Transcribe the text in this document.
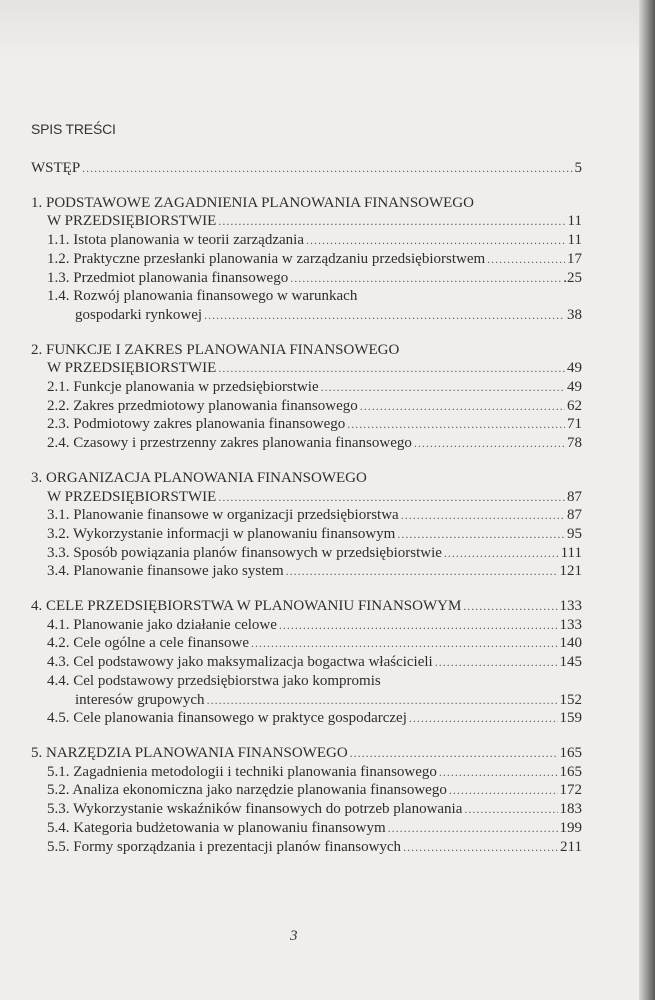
SPIS TREŚCI
WSTĘP .....	5
1. PODSTAWOWE ZAGADNIENIA PLANOWANIA FINANSOWEGO
W PRZEDSIĘBIORSTWIE .....	11
1.1. Istota planowania w teorii zarządzania .....	11
1.2. Praktyczne przesłanki planowania w zarządzaniu przedsiębiorstwem .....	17
1.3. Przedmiot planowania finansowego .....	.25
1.4. Rozwój planowania finansowego w warunkach
gospodarki rynkowej .....	38
2. FUNKCJE I ZAKRES PLANOWANIA FINANSOWEGO
W PRZEDSIĘBIORSTWIE .....	49
2.1. Funkcje planowania w przedsiębiorstwie .....	49
2.2. Zakres przedmiotowy planowania finansowego .....	62
2.3. Podmiotowy zakres planowania finansowego .....	71
2.4. Czasowy i przestrzenny zakres planowania finansowego .....	78
3. ORGANIZACJA PLANOWANIA FINANSOWEGO
W PRZEDSIĘBIORSTWIE .....	87
3.1. Planowanie finansowe w organizacji przedsiębiorstwa .....	87
3.2. Wykorzystanie informacji w planowaniu finansowym .....	95
3.3. Sposób powiązania planów finansowych w przedsiębiorstwie .....	111
3.4. Planowanie finansowe jako system .....	121
4. CELE PRZEDSIĘBIORSTWA W PLANOWANIU FINANSOWYM .....	133
4.1. Planowanie jako działanie celowe .....	133
4.2. Cele ogólne a cele finansowe .....	140
4.3. Cel podstawowy jako maksymalizacja bogactwa właścicieli .....	145
4.4. Cel podstawowy przedsiębiorstwa jako kompromis
interesów grupowych .....	152
4.5. Cele planowania finansowego w praktyce gospodarczej .....	159
5. NARZĘDZIA PLANOWANIA FINANSOWEGO .....	165
5.1. Zagadnienia metodologii i techniki planowania finansowego .....	165
5.2. Analiza ekonomiczna jako narzędzie planowania finansowego .....	172
5.3. Wykorzystanie wskaźników finansowych do potrzeb planowania .....	183
5.4. Kategoria budżetowania w planowaniu finansowym .....	199
5.5. Formy sporządzania i prezentacji planów finansowych .....	211
3
